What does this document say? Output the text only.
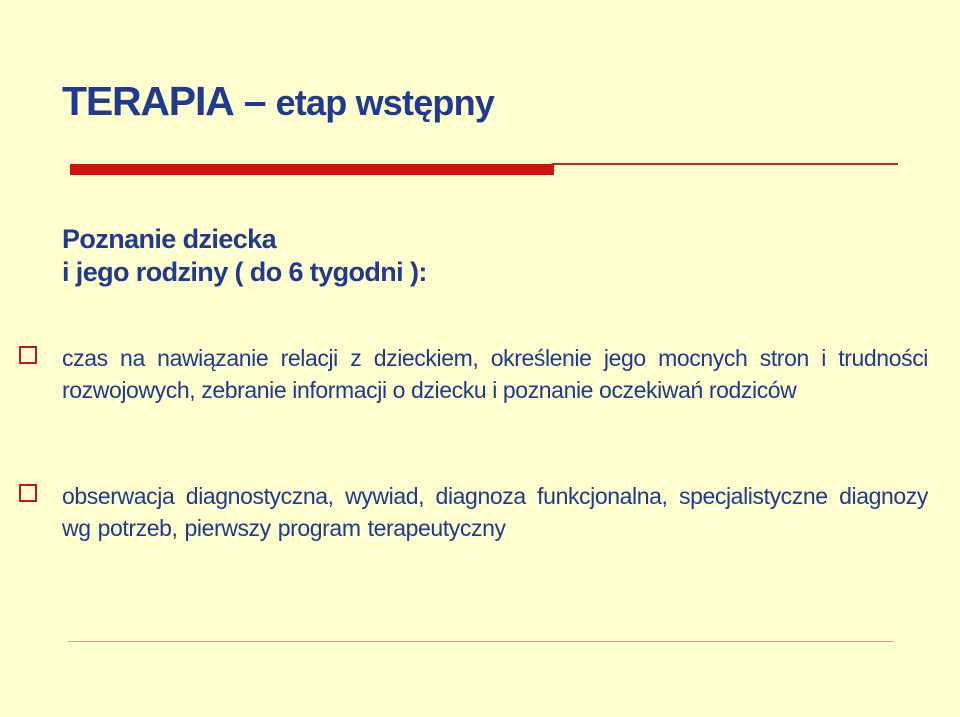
TERAPIA – etap wstępny
Poznanie dziecka
i jego rodziny ( do 6 tygodni ):
czas na nawiązanie relacji z dzieckiem, określenie jego mocnych stron i trudności rozwojowych, zebranie informacji o dziecku i poznanie oczekiwań rodziców
obserwacja diagnostyczna, wywiad, diagnoza funkcjonalna, specjalistyczne diagnozy wg potrzeb, pierwszy program terapeutyczny
